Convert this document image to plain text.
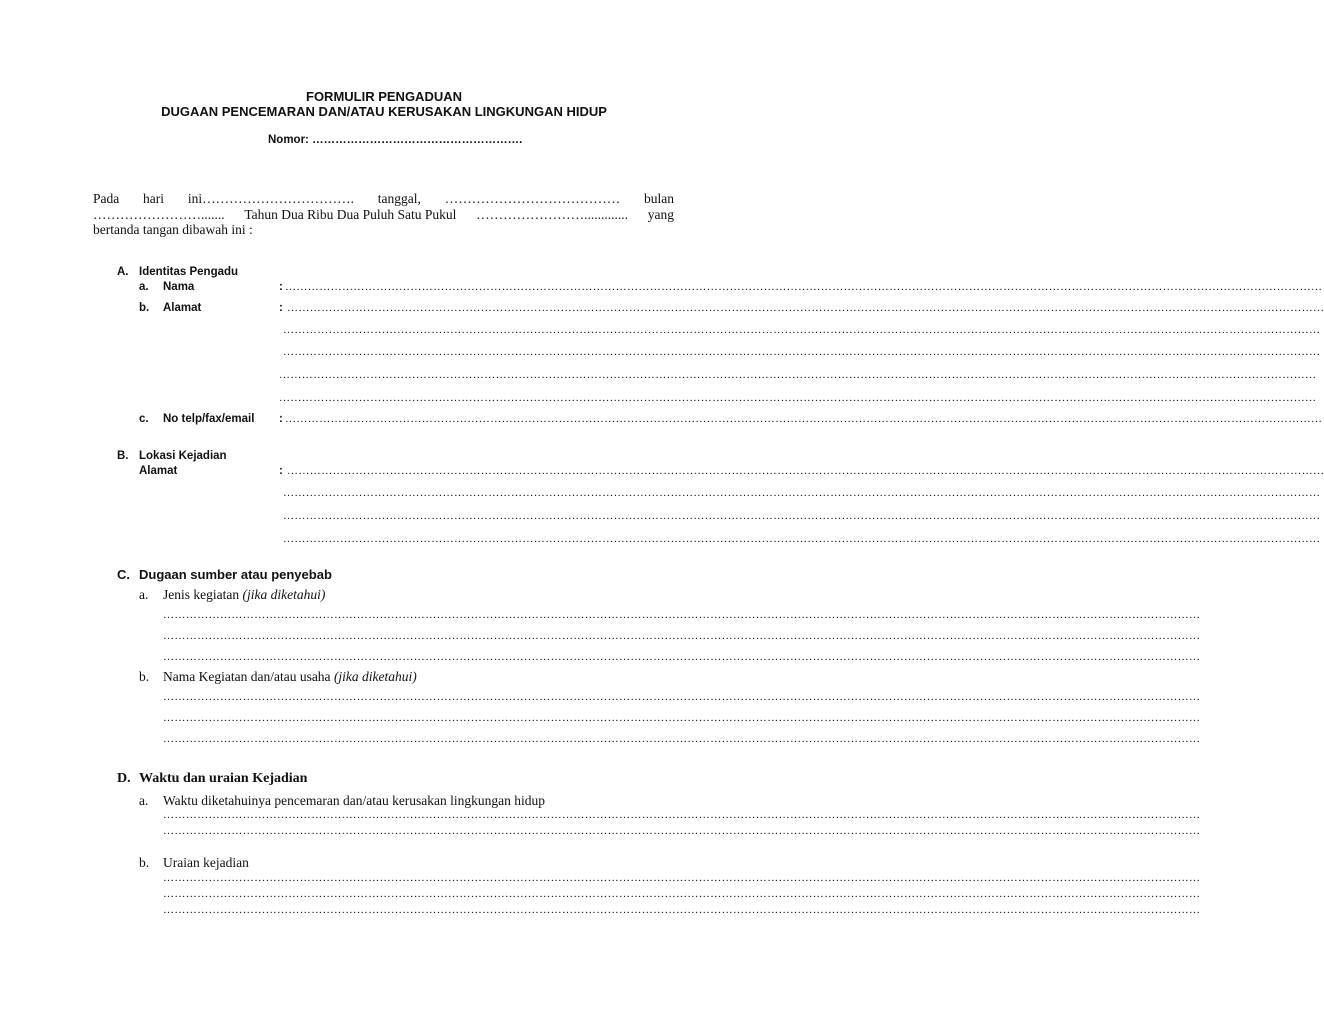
FORMULIR PENGADUAN
DUGAAN PENCEMARAN DAN/ATAU KERUSAKAN LINGKUNGAN HIDUP
Nomor: ……………………………………………….
Pada hari ini……………………………. tanggal, ………………………………… bulan
……………………....... Tahun Dua Ribu Dua Puluh Satu Pukul ……………………............. yang
bertanda tangan dibawah ini :
A. Identitas Pengadu
a. Nama	: …………………………………………………………………………………………………………………………………………………………………………………………………………………………………………………
b. Alamat	: …………………………………………………………………………………………………………………………………………………………………………………………………………………………………………………
…………………………………………………………………………………………………………………………………………………………………………………………………………………………………………………
…………………………………………………………………………………………………………………………………………………………………………………………………………………………………………………
…………………………………………………………………………………………………………………………………………………………………………………………………………………………………………………
…………………………………………………………………………………………………………………………………………………………………………………………………………………………………………………
c. No telp/fax/email : …………………………………………………………………………………………………………………………………………………………………………………………………………………………………………………
B. Lokasi Kejadian
Alamat	: …………………………………………………………………………………………………………………………………………………………………………………………………………………………………………………
…………………………………………………………………………………………………………………………………………………………………………………………………………………………………………………
…………………………………………………………………………………………………………………………………………………………………………………………………………………………………………………
…………………………………………………………………………………………………………………………………………………………………………………………………………………………………………………
C. Dugaan sumber atau penyebab
a. Jenis kegiatan (jika diketahui)
…………………………………………………………………………………………………………………………………………………………………………………………………………………………………………………
…………………………………………………………………………………………………………………………………………………………………………………………………………………………………………………
…………………………………………………………………………………………………………………………………………………………………………………………………………………………………………………
b. Nama Kegiatan dan/atau usaha (jika diketahui)
…………………………………………………………………………………………………………………………………………………………………………………………………………………………………………………
…………………………………………………………………………………………………………………………………………………………………………………………………………………………………………………
…………………………………………………………………………………………………………………………………………………………………………………………………………………………………………………
D. Waktu dan uraian Kejadian
a. Waktu diketahuinya pencemaran dan/atau kerusakan lingkungan hidup
…………………………………………………………………………………………………………………………………………………………………………………………………………………………………………………
…………………………………………………………………………………………………………………………………………………………………………………………………………………………………………………
b. Uraian kejadian
…………………………………………………………………………………………………………………………………………………………………………………………………………………………………………………
…………………………………………………………………………………………………………………………………………………………………………………………………………………………………………………
…………………………………………………………………………………………………………………………………………………………………………………………………………………………………………………
